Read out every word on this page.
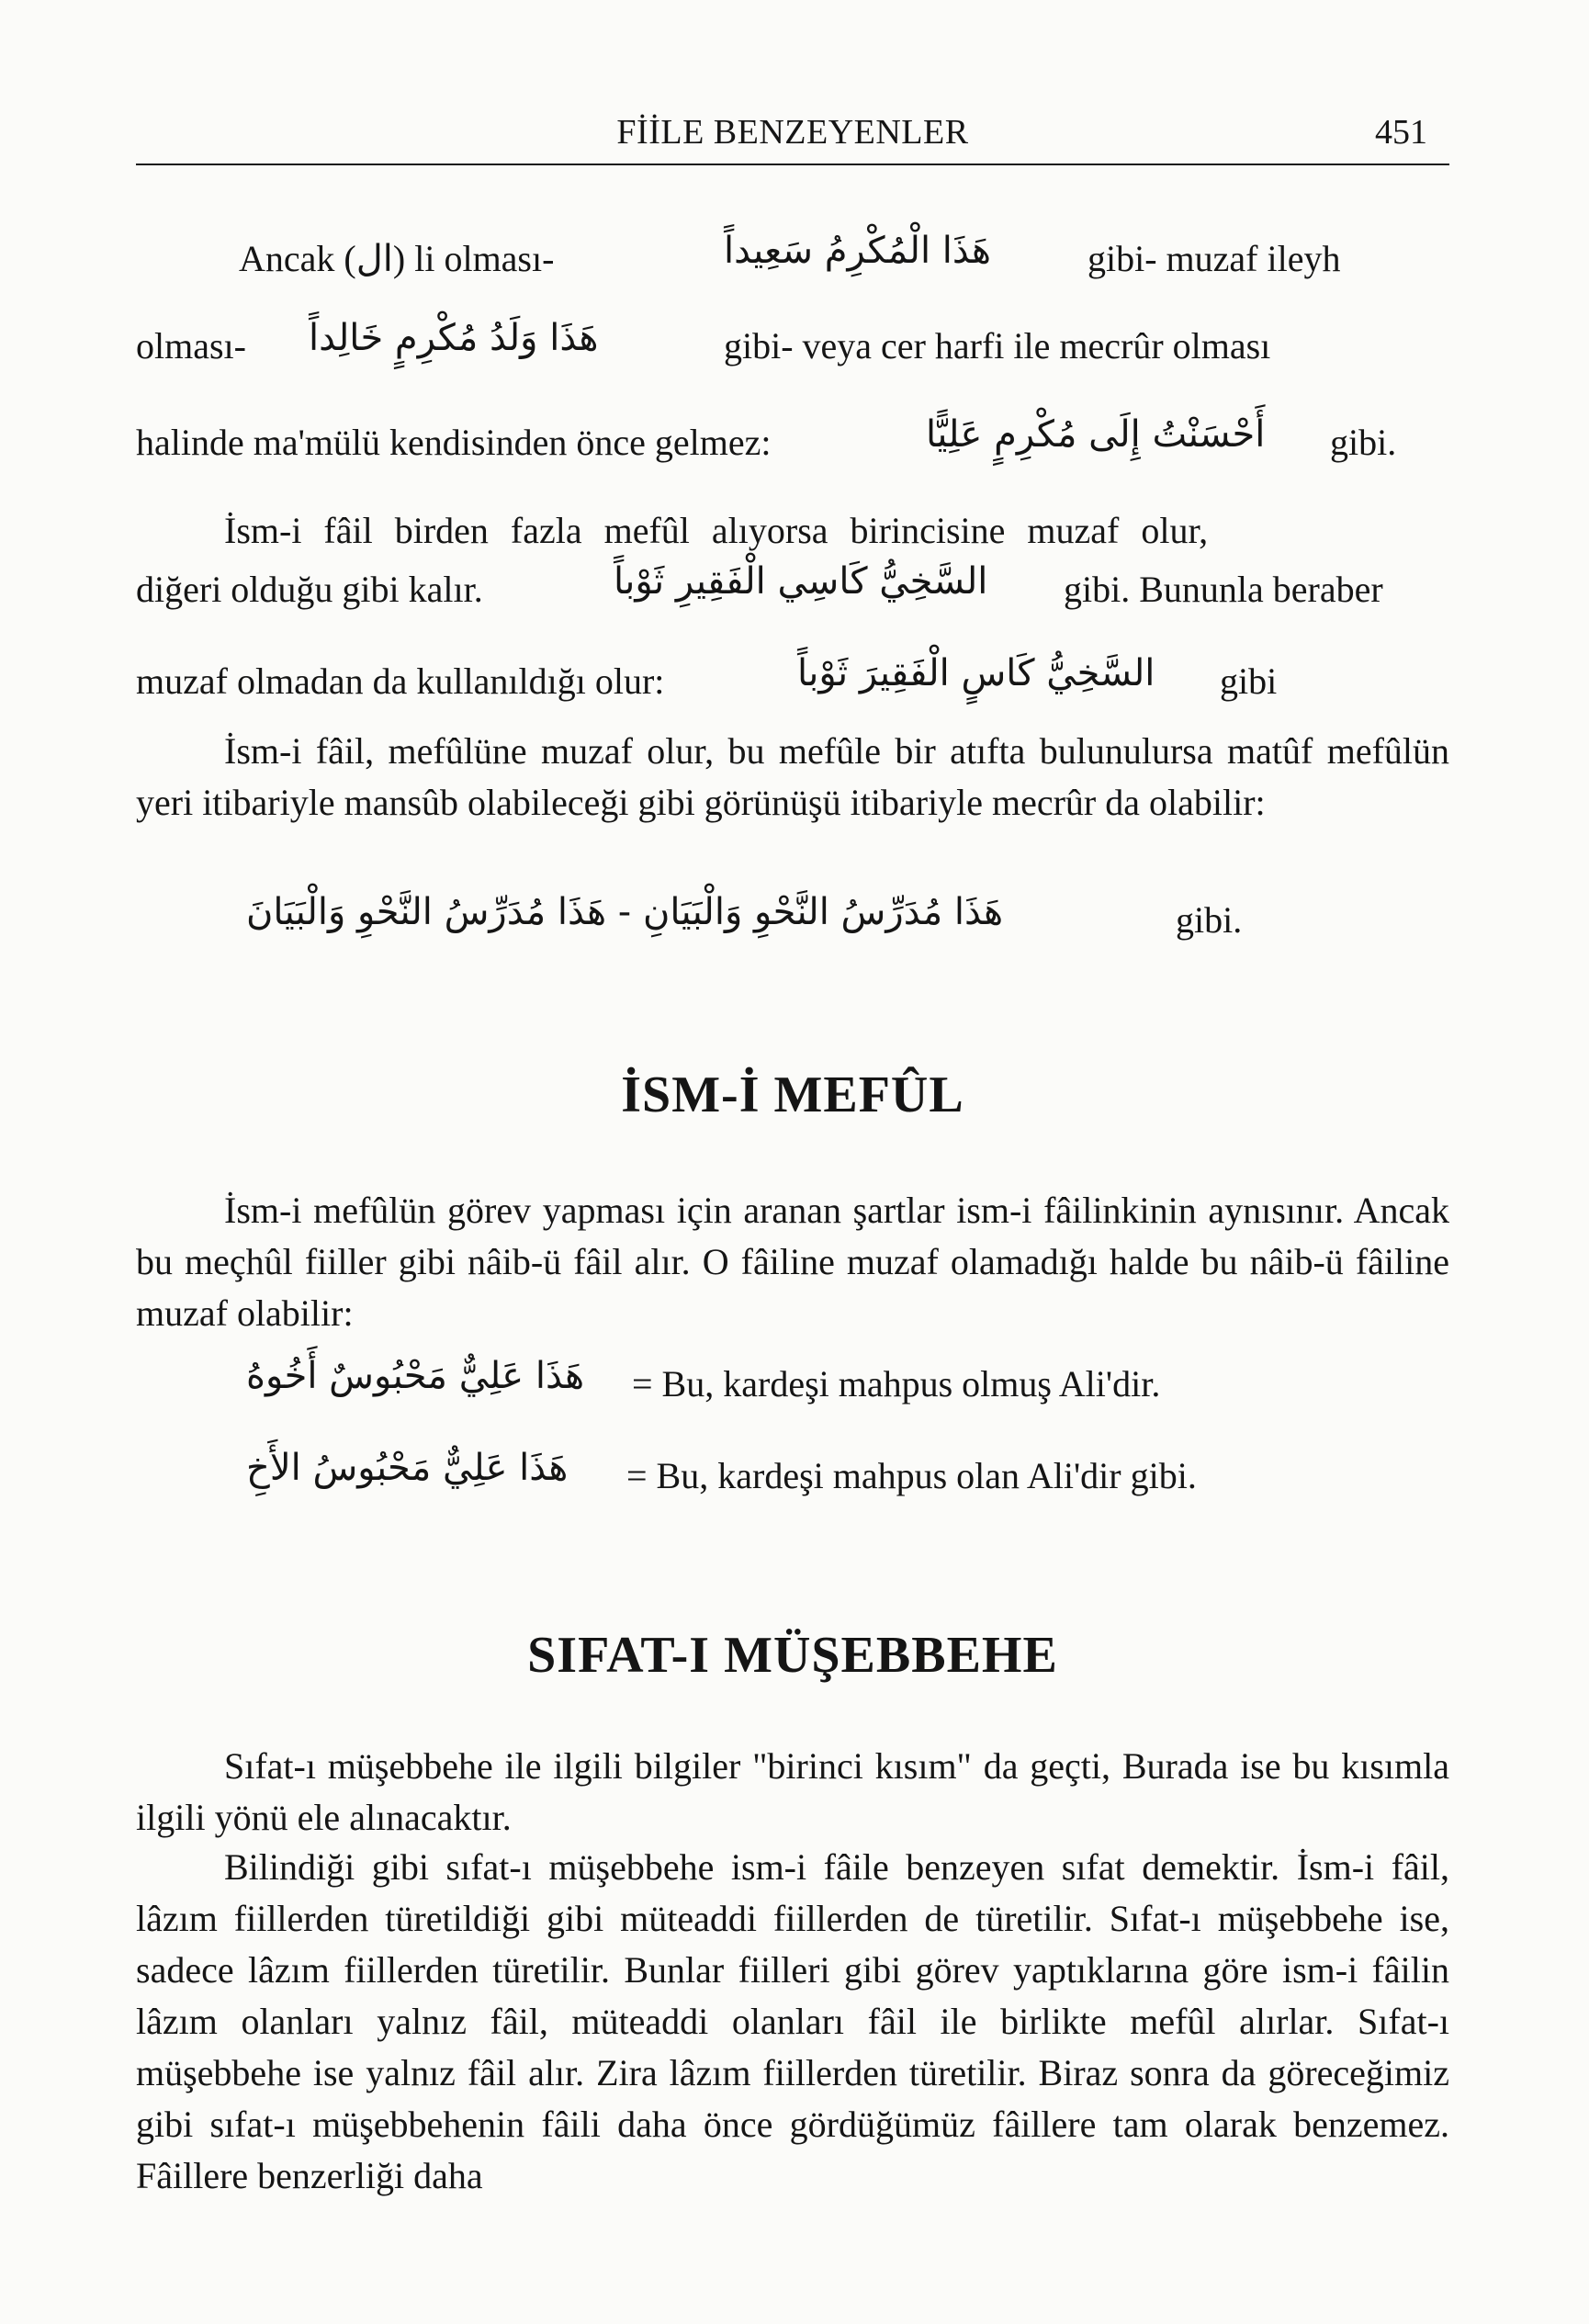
FİİLE BENZEYENLER	451
Ancak (ال) li olması-	هَذَا الْمُكْرِمُ سَعِيداً	gibi- muzaf ileyh
olması- هَذَا وَلَدُ مُكْرِمٍ خَالِداً	gibi- veya cer harfi ile mecrûr olması
halinde ma'mülü kendisinden önce gelmez:	أَحْسَنْتُ إِلَى مُكْرِمٍ عَلِيًّا gibi.

İsm-i fâil birden fazla mefûl alıyorsa birincisine muzaf olur,

diğeri olduğu gibi kalır.	السَّخِيُّ كَاسِي الْفَقِيرِ ثَوْباً gibi. Bununla beraber
muzaf olmadan da kullanıldığı olur:	السَّخِيُّ كَاسٍ الْفَقِيرَ ثَوْباً gibi

İsm-i fâil, mefûlüne muzaf olur, bu mefûle bir atıfta bulunulursa matûf mefûlün yeri itibariyle mansûb olabileceği gibi görünüşü itibariyle mecrûr da olabilir:

هَذَا مُدَرِّسُ النَّحْوِ وَالْبَيَانِ - هَذَا مُدَرِّسُ النَّحْوِ وَالْبَيَانَ	gibi.
İSM-İ MEFÛL

İsm-i mefûlün görev yapması için aranan şartlar ism-i fâilinkinin aynısınır. Ancak bu meçhûl fiiller gibi nâib-ü fâil alır. O fâiline muzaf olamadığı halde bu nâib-ü fâiline muzaf olabilir:

هَذَا عَلِيٌّ مَحْبُوسٌ أَخُوهُ = Bu, kardeşi mahpus olmuş Ali'dir.
هَذَا عَلِيٌّ مَحْبُوسُ الأَخِ = Bu, kardeşi mahpus olan Ali'dir gibi.
SIFAT-I MÜŞEBBEHE

Sıfat-ı müşebbehe ile ilgili bilgiler "birinci kısım" da geçti, Burada ise bu kısımla ilgili yönü ele alınacaktır.

Bilindiği gibi sıfat-ı müşebbehe ism-i fâile benzeyen sıfat demektir. İsm-i fâil, lâzım fiillerden türetildiği gibi müteaddi fiillerden de türetilir. Sıfat-ı müşebbehe ise, sadece lâzım fiillerden türetilir. Bunlar fiilleri gibi görev yaptıklarına göre ism-i fâilin lâzım olanları yalnız fâil, müteaddi olanları fâil ile birlikte mefûl alırlar. Sıfat-ı müşebbehe ise yalnız fâil alır. Zira lâzım fiillerden türetilir. Biraz sonra da göreceğimiz gibi sıfat-ı müşebbehenin fâili daha önce gördüğümüz fâillere tam olarak benzemez. Fâillere benzerliği daha
